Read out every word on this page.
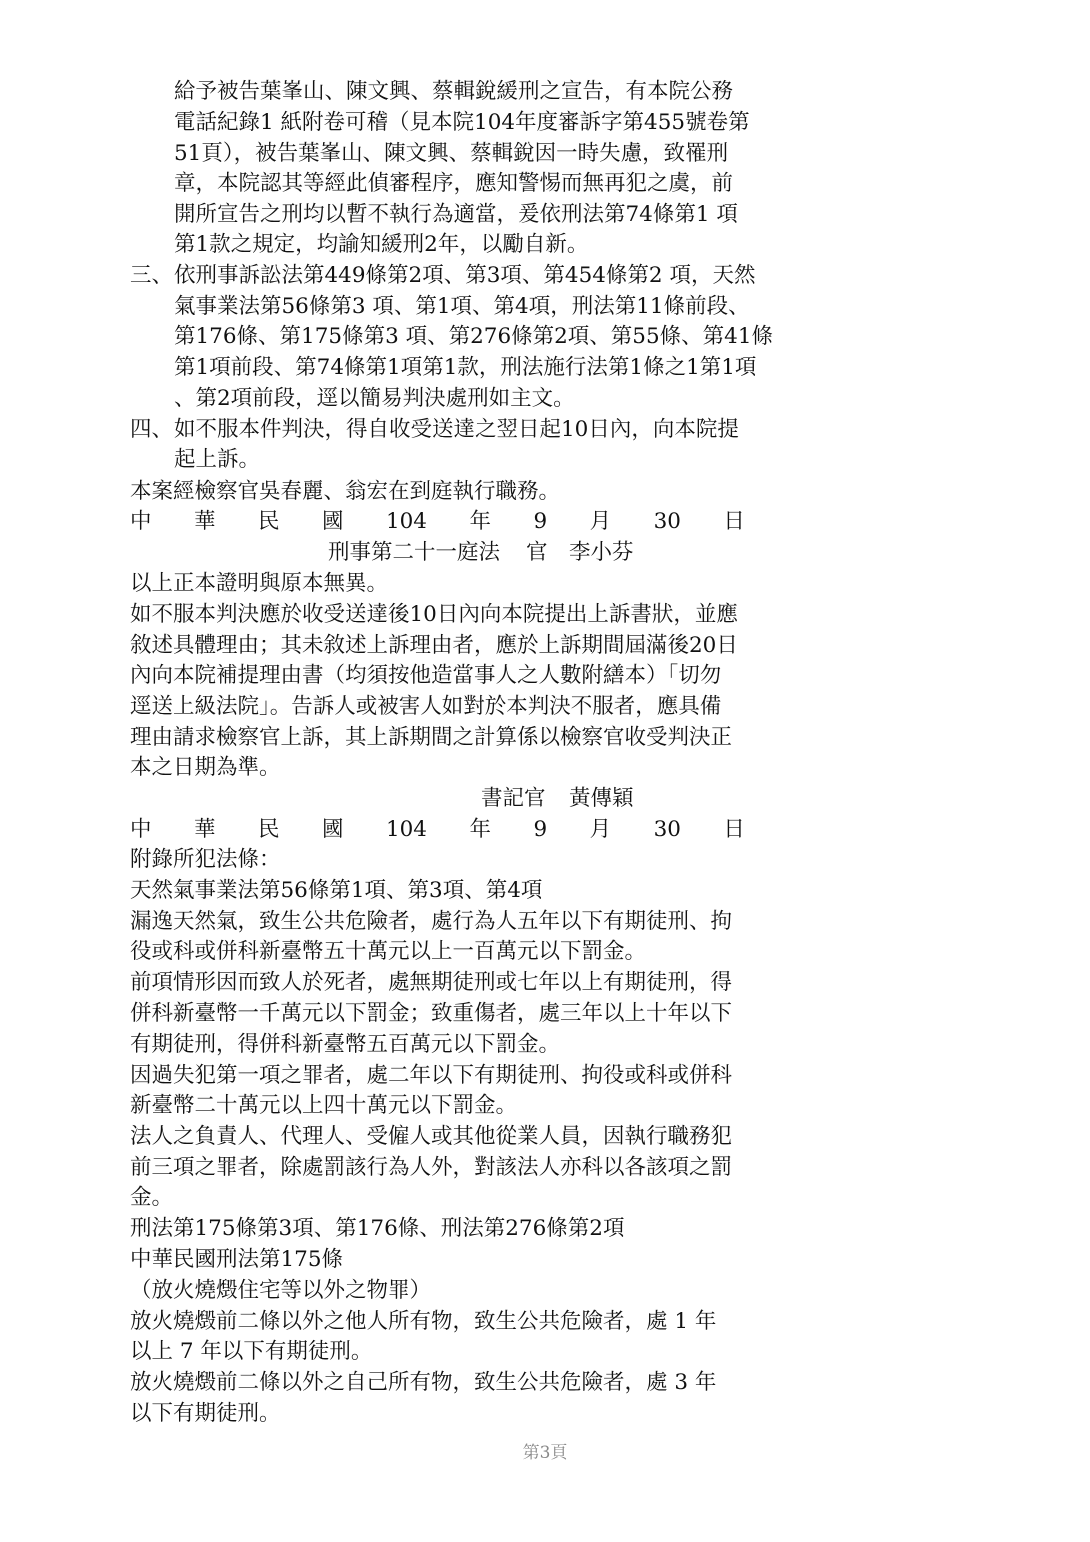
給予被告葉峯山、陳文興、蔡輯銳緩刑之宣告，有本院公務
電話紀錄1 紙附卷可稽（見本院104年度審訴字第455號卷第
51頁），被告葉峯山、陳文興、蔡輯銳因一時失慮，致罹刑
章，本院認其等經此偵審程序，應知警惕而無再犯之虞，前
開所宣告之刑均以暫不執行為適當，爰依刑法第74條第1 項
第1款之規定，均諭知緩刑2年，以勵自新。
三、 依刑事訴訟法第449條第2項、第3項、第454條第2 項，天然
氣事業法第56條第3 項、第1項、第4項，刑法第11條前段、
第176條、第175條第3 項、第276條第2項、第55條、第41條
第1項前段、第74條第1項第1款，刑法施行法第1條之1第1項
、第2項前段，逕以簡易判決處刑如主文。
四、 如不服本件判決，得自收受送達之翌日起10日內，向本院提
起上訴。
本案經檢察官吳春麗、翁宏在到庭執行職務。
中 華 民 國 104 年 9 月 30 日
刑事第二十一庭法 官 李小芬
以上正本證明與原本無異。
如不服本判決應於收受送達後10日內向本院提出上訴書狀，並應
敘述具體理由；其未敘述上訴理由者，應於上訴期間屆滿後20日
內向本院補提理由書（均須按他造當事人之人數附繕本）「切勿
逕送上級法院」。告訴人或被害人如對於本判決不服者，應具備
理由請求檢察官上訴，其上訴期間之計算係以檢察官收受判決正
本之日期為準。
書記官 黃傳穎
中 華 民 國 104 年 9 月 30 日
附錄所犯法條：
天然氣事業法第56條第1項、第3項、第4項
漏逸天然氣，致生公共危險者，處行為人五年以下有期徒刑、拘
役或科或併科新臺幣五十萬元以上一百萬元以下罰金。
前項情形因而致人於死者，處無期徒刑或七年以上有期徒刑，得
併科新臺幣一千萬元以下罰金；致重傷者，處三年以上十年以下
有期徒刑，得併科新臺幣五百萬元以下罰金。
因過失犯第一項之罪者，處二年以下有期徒刑、拘役或科或併科
新臺幣二十萬元以上四十萬元以下罰金。
法人之負責人、代理人、受僱人或其他從業人員，因執行職務犯
前三項之罪者，除處罰該行為人外，對該法人亦科以各該項之罰
金。
刑法第175條第3項、第176條、刑法第276條第2項
中華民國刑法第175條
（放火燒燬住宅等以外之物罪）
放火燒燬前二條以外之他人所有物，致生公共危險者，處 1 年
以上 7 年以下有期徒刑。
放火燒燬前二條以外之自己所有物，致生公共危險者，處 3 年
以下有期徒刑。
第3頁
